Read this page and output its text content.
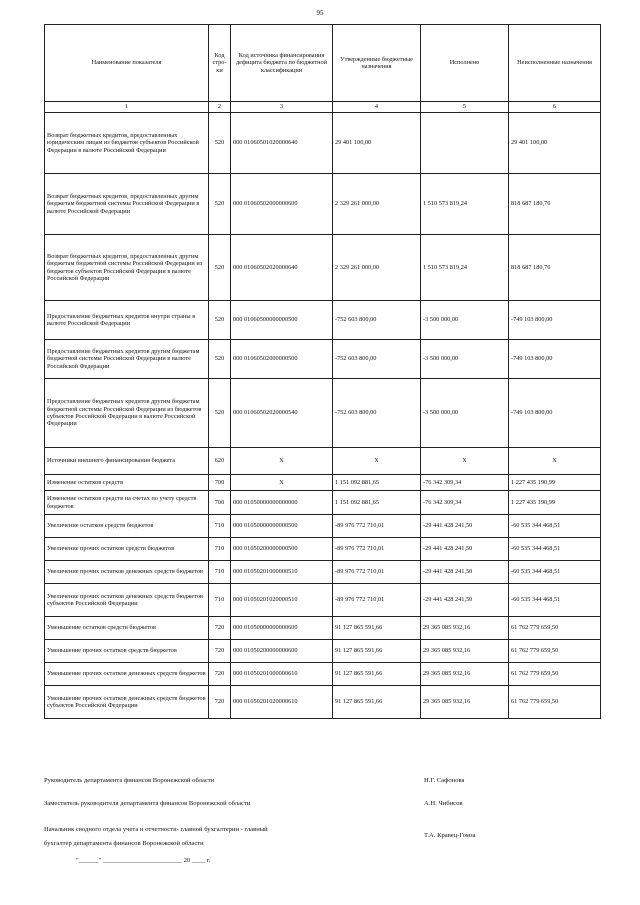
95
Наименование показателя	Код стро-ки	Код источника финансирования дефицита бюджета по бюджетной классификации	Утвержденные бюджетные назначения	Исполнено	Неисполненные назначения
1	2	3	4	5	6
Возврат бюджетных кредитов, предоставленных юридическим лицам из бюджетов субъектов Российской Федерации в валюте Российской Федерации	520	000 01060501020000640	29 401 100,00		29 401 100,00
Возврат бюджетных кредитов, предоставленных другим бюджетам бюджетной системы Российской Федерации в валюте Российской Федерации	520	000 01060502000000600	2 329 261 000,00	1 510 573 819,24	818 687 180,76
Возврат бюджетных кредитов, предоставленных другим бюджетам бюджетной системы Российской Федерации из бюджетов субъектов Российской Федерации в валюте Российской Федерации	520	000 01060502020000640	2 329 261 000,00	1 510 573 819,24	818 687 180,76
Предоставление бюджетных кредитов внутри страны в валюте Российской Федерации	520	000 01060500000000500	-752 603 800,00	-3 500 000,00	-749 103 800,00
Предоставление бюджетных кредитов другим бюджетам бюджетной системы Российской Федерации в валюте Российской Федерации	520	000 01060502000000500	-752 603 800,00	-3 500 000,00	-749 103 800,00
Предоставление бюджетных кредитов другим бюджетам бюджетной системы Российской Федерации из бюджетов субъектов Российской Федерации в валюте Российской Федерации	520	000 01060502020000540	-752 603 800,00	-3 500 000,00	-749 103 800,00
Источники внешнего финансирования бюджета	620	X	X	X	X
Изменение остатков средств	700	X	1 151 092 881,65	-76 342 309,34	1 227 435 190,99
Изменение остатков средств на счетах по учету средств бюджетов	700	000 01050000000000000	1 151 092 881,65	-76 342 309,34	1 227 435 190,99
Увеличение остатков средств бюджетов	710	000 01050000000000500	-89 976 772 710,01	-29 441 428 241,50	-60 535 344 468,51
Увеличение прочих остатков средств бюджетов	710	000 01050200000000500	-89 976 772 710,01	-29 441 428 241,50	-60 535 344 468,51
Увеличение прочих остатков денежных средств бюджетов	710	000 01050201000000510	-89 976 772 710,01	-29 441 428 241,50	-60 535 344 468,51
Увеличение прочих остатков денежных средств бюджетов субъектов Российской Федерации	710	000 01050201020000510	-89 976 772 710,01	-29 441 428 241,50	-60 535 344 468,51
Уменьшение остатков средств бюджетов	720	000 01050000000000600	91 127 865 591,66	29 365 085 932,16	61 762 779 659,50
Уменьшение прочих остатков средств бюджетов	720	000 01050200000000600	91 127 865 591,66	29 365 085 932,16	61 762 779 659,50
Уменьшение прочих остатков денежных средств бюджетов	720	000 01050201000000610	91 127 865 591,66	29 365 085 932,16	61 762 779 659,50
Уменьшение прочих остатков денежных средств бюджетов субъектов Российской Федерации	720	000 01050201020000610	91 127 865 591,66	29 365 085 932,16	61 762 779 659,50
Руководитель департамента финансов Воронежской области	Н.Г. Сафонова
Заместитель руководителя департамента финансов Воронежской области	А.Н. Чибисов
Начальник сводного отдела учета и отчетности- главной бухгалтерии - главный
бухгалтер департамента финансов Воронежской области
Т.А. Кравец-Гомза
"______" ________________________ 20 ____ г.
